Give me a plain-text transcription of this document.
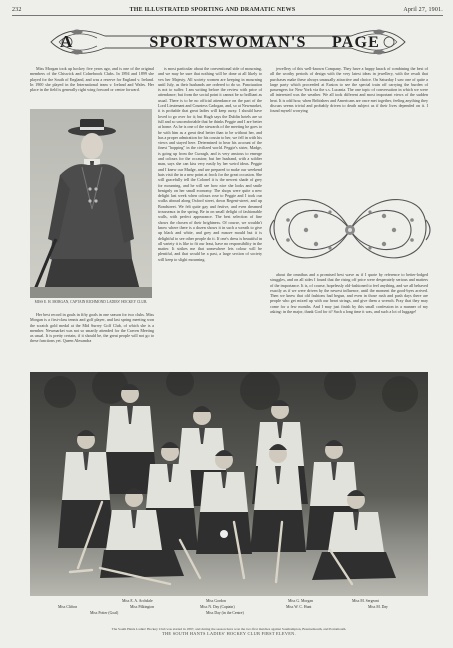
232	THE ILLUSTRATED SPORTING AND DRAMATIC NEWS	April 27, 1901.
A	SPORTSWOMAN'S PAGE

Miss Morgan took up hockey five years ago, and is one of the original members of the Chiswick and Colnebrook Clubs. In 1894 and 1899 she played for the South of England, and was a reserve for England v. Ireland. In 1900 she played in the International team v. Ireland and Wales. Her place in the field is generally right wing forward or centre forward.

MISS E. H. MORGAN, CAPTAIN RICHMOND LADIES' HOCKEY CLUB.

Her best record in goals in fifty goals in one season for two clubs. Miss Morgan is a first-class tennis and golf player, and last spring meeting won the scratch gold medal at the Mid Surrey Golf Club, of which she is a member. Newmarket was not so smartly attended for the Craven Meeting as usual. It is pretty certain, if it should be, the great people will not go to these functions yet. Queen Alexandra

is most particular about the conventional side of mourning, and we may be sure that nothing will be done at all likely to vex her Majesty. All society women are keeping in mourning until July, as their husbands are ordered to do so. Punctuation is not to suffer. I am writing before the review with price of attendance; but from the social point it cannot be so brilliant as usual. There is to be no official attendance on the part of the Lord Lieutenant and Countess Cadogan, and, so at Newmarket, it is probable that great ladies will keep away. I should have loved to go over for it; but Hugh says the Dublin hotels are so full and so uncomfortable that he thinks Peggie and I are better at home. As he is one of the stewards of the meeting he goes to be with him as a great deal better than to be without her, and has a proper admiration for his cousin to her, we fell in with his views and stayed here. Determined to hear his account of the finest "hopping" in the civilized world. Peggie's sister, Madge, is going up from the Curragh, and is very anxious to emerge and colours for the occasion; but her husband, with a soldier man, says she can kiss very easily by her weird ideas. Peggie and I knew our Madge, and are prepared to make our weekend hats visit the in a new point at frock for the great occasion. She will gracefully tell the Colonel it is the newest shade of grey for mourning, and he will see how nice she looks and smile benignly on her small economy. The shops were quite a new delight last week when colours rose to Peggie and I took our walks abroad along Oxford street, down Regent-street, and up Bondstreet. We felt quite gay and festive, and even dreamed trousseaux in the spring. Be in on small delight of fashionable walls, with perfect appearance. The best selection of fine shows the chosen of their brightness. Of course, we wouldn't know where there is a dozen shows it in such a wreath to give up black and white, and grey and mauve mould but it is delightful to see other people do it. If one's dress is beautiful in all variety it is like to fit our least, have no responsibility in the matter. It strikes me that somewhere lets colour will be plentiful, and that would be a past, a large section of society will keep to slight mourning.

jewellery of this well-known Company. They have a happy knack of combining the best of all the worthy periods of design with the very latest ideas in jewellery, with the result that purchases make these always unusually attractive and choice. On Saturday I saw one of quite a large party which proceeded at Euston to see the special train off carrying the burden of passengers for New York via the s.s. Lucania. The one topic of conversation in which we were all interested was the weather. We all took different and most important views of the sudden heat. It is odd how, when Bribishers and Americans are once met together, feeling anything they discuss seems trivial and probably driven to death subject as if their lives depended on it. I found myself worrying

about the omnibus and a promised best wave as if I quote by reference to better-lodged struggles, and on all sides I found that the rising off price were desperately serious and matters of the importance. It is, of course, hopelessly old-fashioned to feel anything, and we all behaved exactly as if we were driven by the newest influence, until the moment the good-byes arrived. Then we knew that old fashions had begun, and even in those rush and push days there are people who get mixed up with our heart strings, and give them a wrench. Pray that they may come for a few months. And I may just finish by this small confession in a manner of my asking: in the major, thank God for it? Such a long time it was, and such a lot of luggage!

Miss Clifton
Miss E. A. Archdale
Miss Pilkington
Miss Potter (Goal)
Miss Gordon
Miss N. Day (Captain)
Miss G. Morgan
Miss W. C. Hunt
Miss M. Sergeant
Miss M. Day
Miss Day (in the Centre)
The South Hants Ladies' Hockey Club was started in 1897, and during the season have won the two first matches against Southampton, Bournemouth, and Portsmouth.
THE SOUTH HANTS LADIES' HOCKEY CLUB FIRST ELEVEN.
